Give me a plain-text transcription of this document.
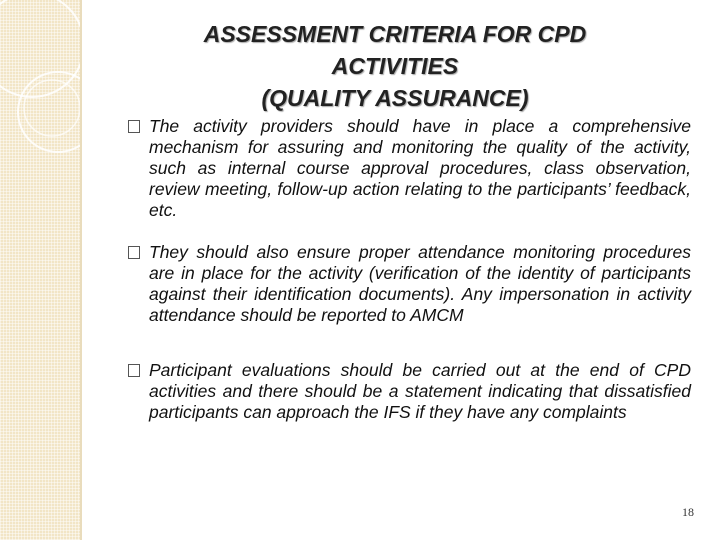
ASSESSMENT CRITERIA FOR CPD
ACTIVITIES
(QUALITY ASSURANCE)
The activity providers should have in place a comprehensive mechanism for assuring and monitoring the quality of the activity, such as internal course approval procedures, class observation, review meeting, follow-up action relating to the participants’ feedback, etc.
They should also ensure proper attendance monitoring procedures are in place for the activity (verification of the identity of participants against their identification documents). Any impersonation in activity attendance should be reported to AMCM
Participant evaluations should be carried out at the end of CPD activities and there should be a statement indicating that dissatisfied participants can approach the IFS if they have any complaints
18
